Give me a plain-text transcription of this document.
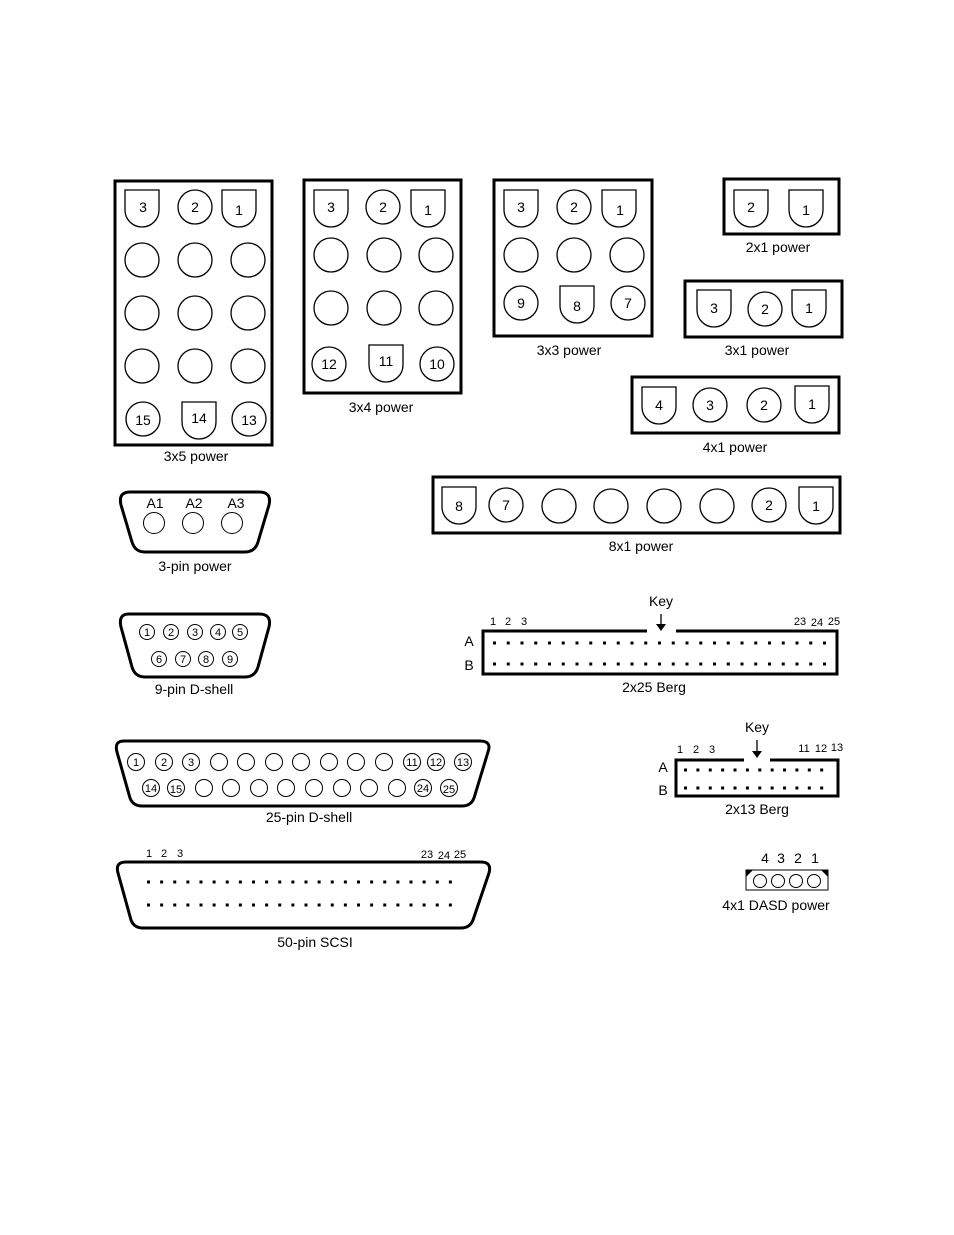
3	2	1
15	14 13
3x5 power
3	2	1
12	11	10
3x4 power
3	2	1
9	8	7
3x3 power
2	1
2x1 power
3	2	1
3x1 power
4	3	2	1
4x1 power
8	7	2	1
8x1 power
A1 A2 A3
3-pin power
1 2 3 4 5
6 7 8 9
9-pin D-shell
Key
1 2 3	23 24 25
A
B
2x25 Berg
1 2 3	11 12 13
14 15	24 25
25-pin D-shell
Key
1 2 3	11 12 13
A
B
2x13 Berg
1 2 3	23 24 25
50-pin SCSI
4 3 2 1
4x1 DASD power
